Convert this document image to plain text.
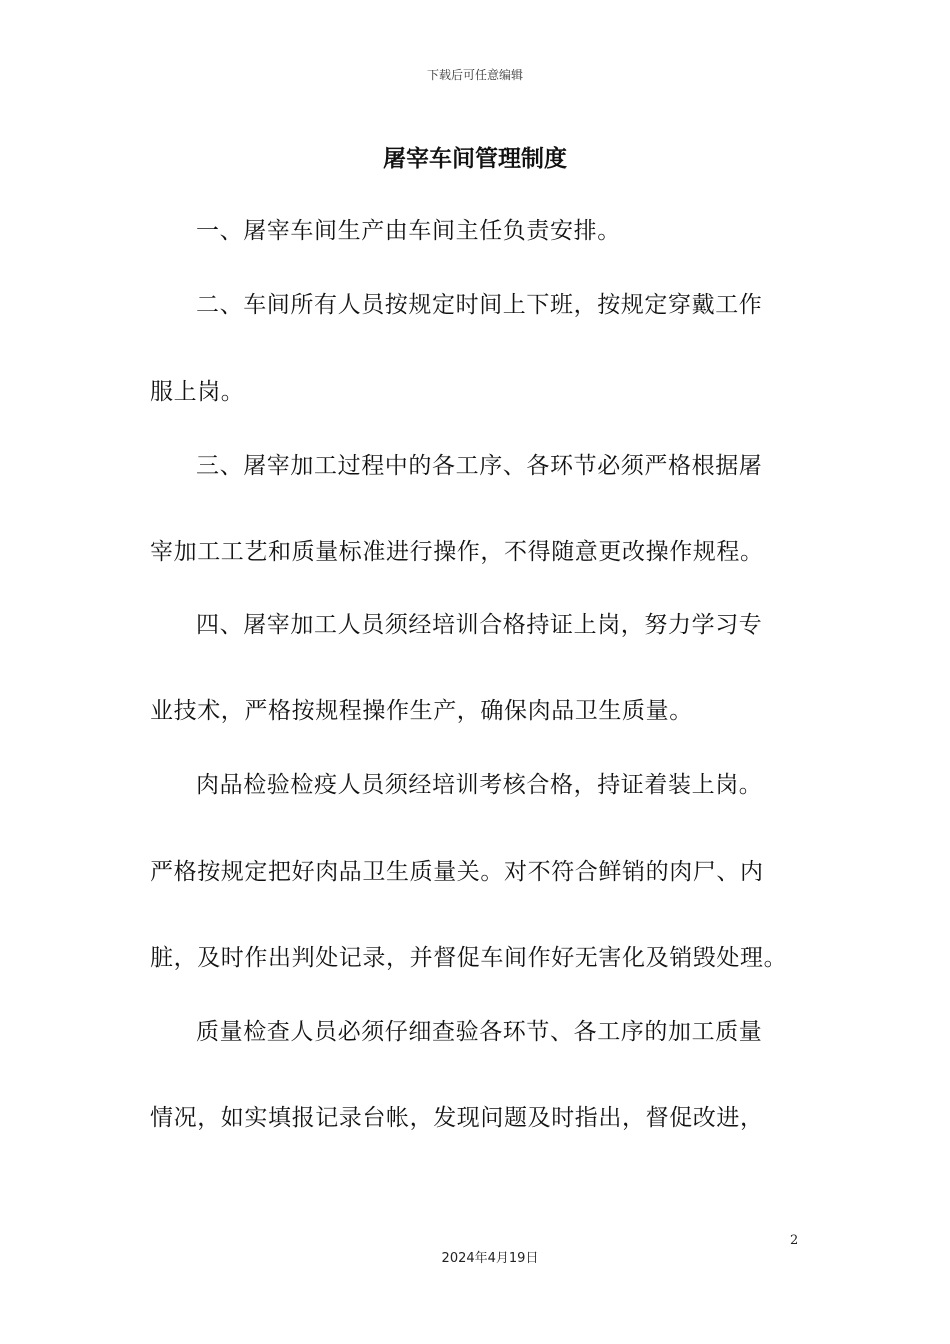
下载后可任意编辑
屠宰车间管理制度
一、屠宰车间生产由车间主任负责安排。
二、车间所有人员按规定时间上下班，按规定穿戴工作
服上岗。
三、屠宰加工过程中的各工序、各环节必须严格根据屠
宰加工工艺和质量标准进行操作，不得随意更改操作规程。
四、屠宰加工人员须经培训合格持证上岗，努力学习专
业技术，严格按规程操作生产，确保肉品卫生质量。
肉品检验检疫人员须经培训考核合格，持证着装上岗。
严格按规定把好肉品卫生质量关。对不符合鲜销的肉尸、内
脏，及时作出判处记录，并督促车间作好无害化及销毁处理。
质量检查人员必须仔细查验各环节、各工序的加工质量
情况，如实填报记录台帐，发现问题及时指出，督促改进，
2
2024年4月19日
